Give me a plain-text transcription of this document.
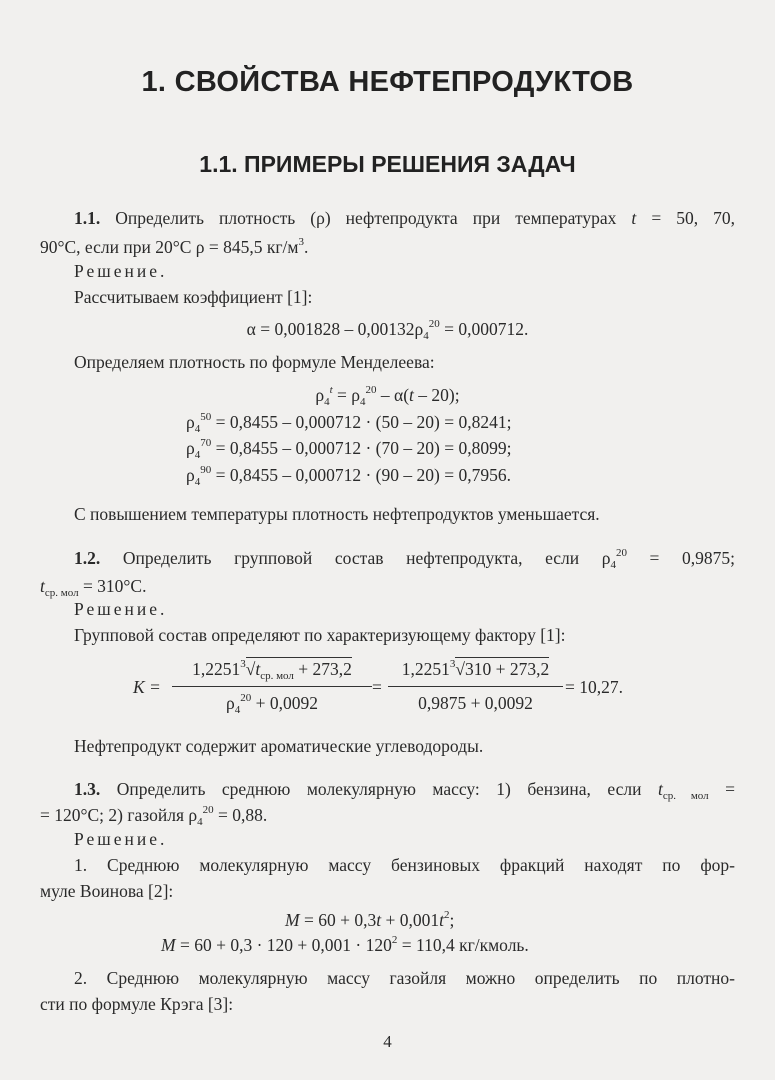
1. СВОЙСТВА НЕФТЕПРОДУКТОВ
1.1. ПРИМЕРЫ РЕШЕНИЯ ЗАДАЧ
1.1. Определить плотность (ρ) нефтепродукта при температурах t = 50, 70,
90°С, если при 20°С ρ = 845,5 $кг/м^3$.
Решение.
Рассчитываем коэффициент [1]:
$\alpha = 0,001828 - 0,00132\rho_4^{20} = 0,000712$.
Определяем плотность по формуле Менделеева:
$\rho_4^t = \rho_4^{20} - \alpha(t - 20)$;
$\rho_4^{50} = 0,8455 - 0,000712 \cdot (50 - 20) = 0,8241$;
$\rho_4^{70} = 0,8455 - 0,000712 \cdot (70 - 20) = 0,8099$;
$\rho_4^{90} = 0,8455 - 0,000712 \cdot (90 - 20) = 0,7956$.
С повышением температуры плотность нефтепродуктов уменьшается.
1.2. Определить групповой состав нефтепродукта, если $\rho_4^{20} = 0,9875$;
$t_{ср. мол} = 310^\circ С$.
Решение.
Групповой состав определяют по характеризующему фактору [1]:
K =
$1,2251^3√t_{ср. мол} + 273,2$
$\rho_4^{20} + 0,0092$
=
$1,2251^3√310 + 273,2$
0,9875 + 0,0092
= 10,27.
Нефтепродукт содержит ароматические углеводороды.
1.3. Определить среднюю молекулярную массу: 1) бензина, если $t_{ср. мол}$ =
= 120°С; 2) газойля $\rho_4^{20} = 0,88$.
Решение.
1. Среднюю молекулярную массу бензиновых фракций находят по фор-
муле Воинова [2]:
$M = 60 + 0,3t + 0,001t^2$;
$M = 60 + 0,3 \cdot 120 + 0,001 \cdot 120^2 = 110,4$ кг/кмоль.
2. Среднюю молекулярную массу газойля можно определить по плотно-
сти по формуле Крэга [3]:
4
